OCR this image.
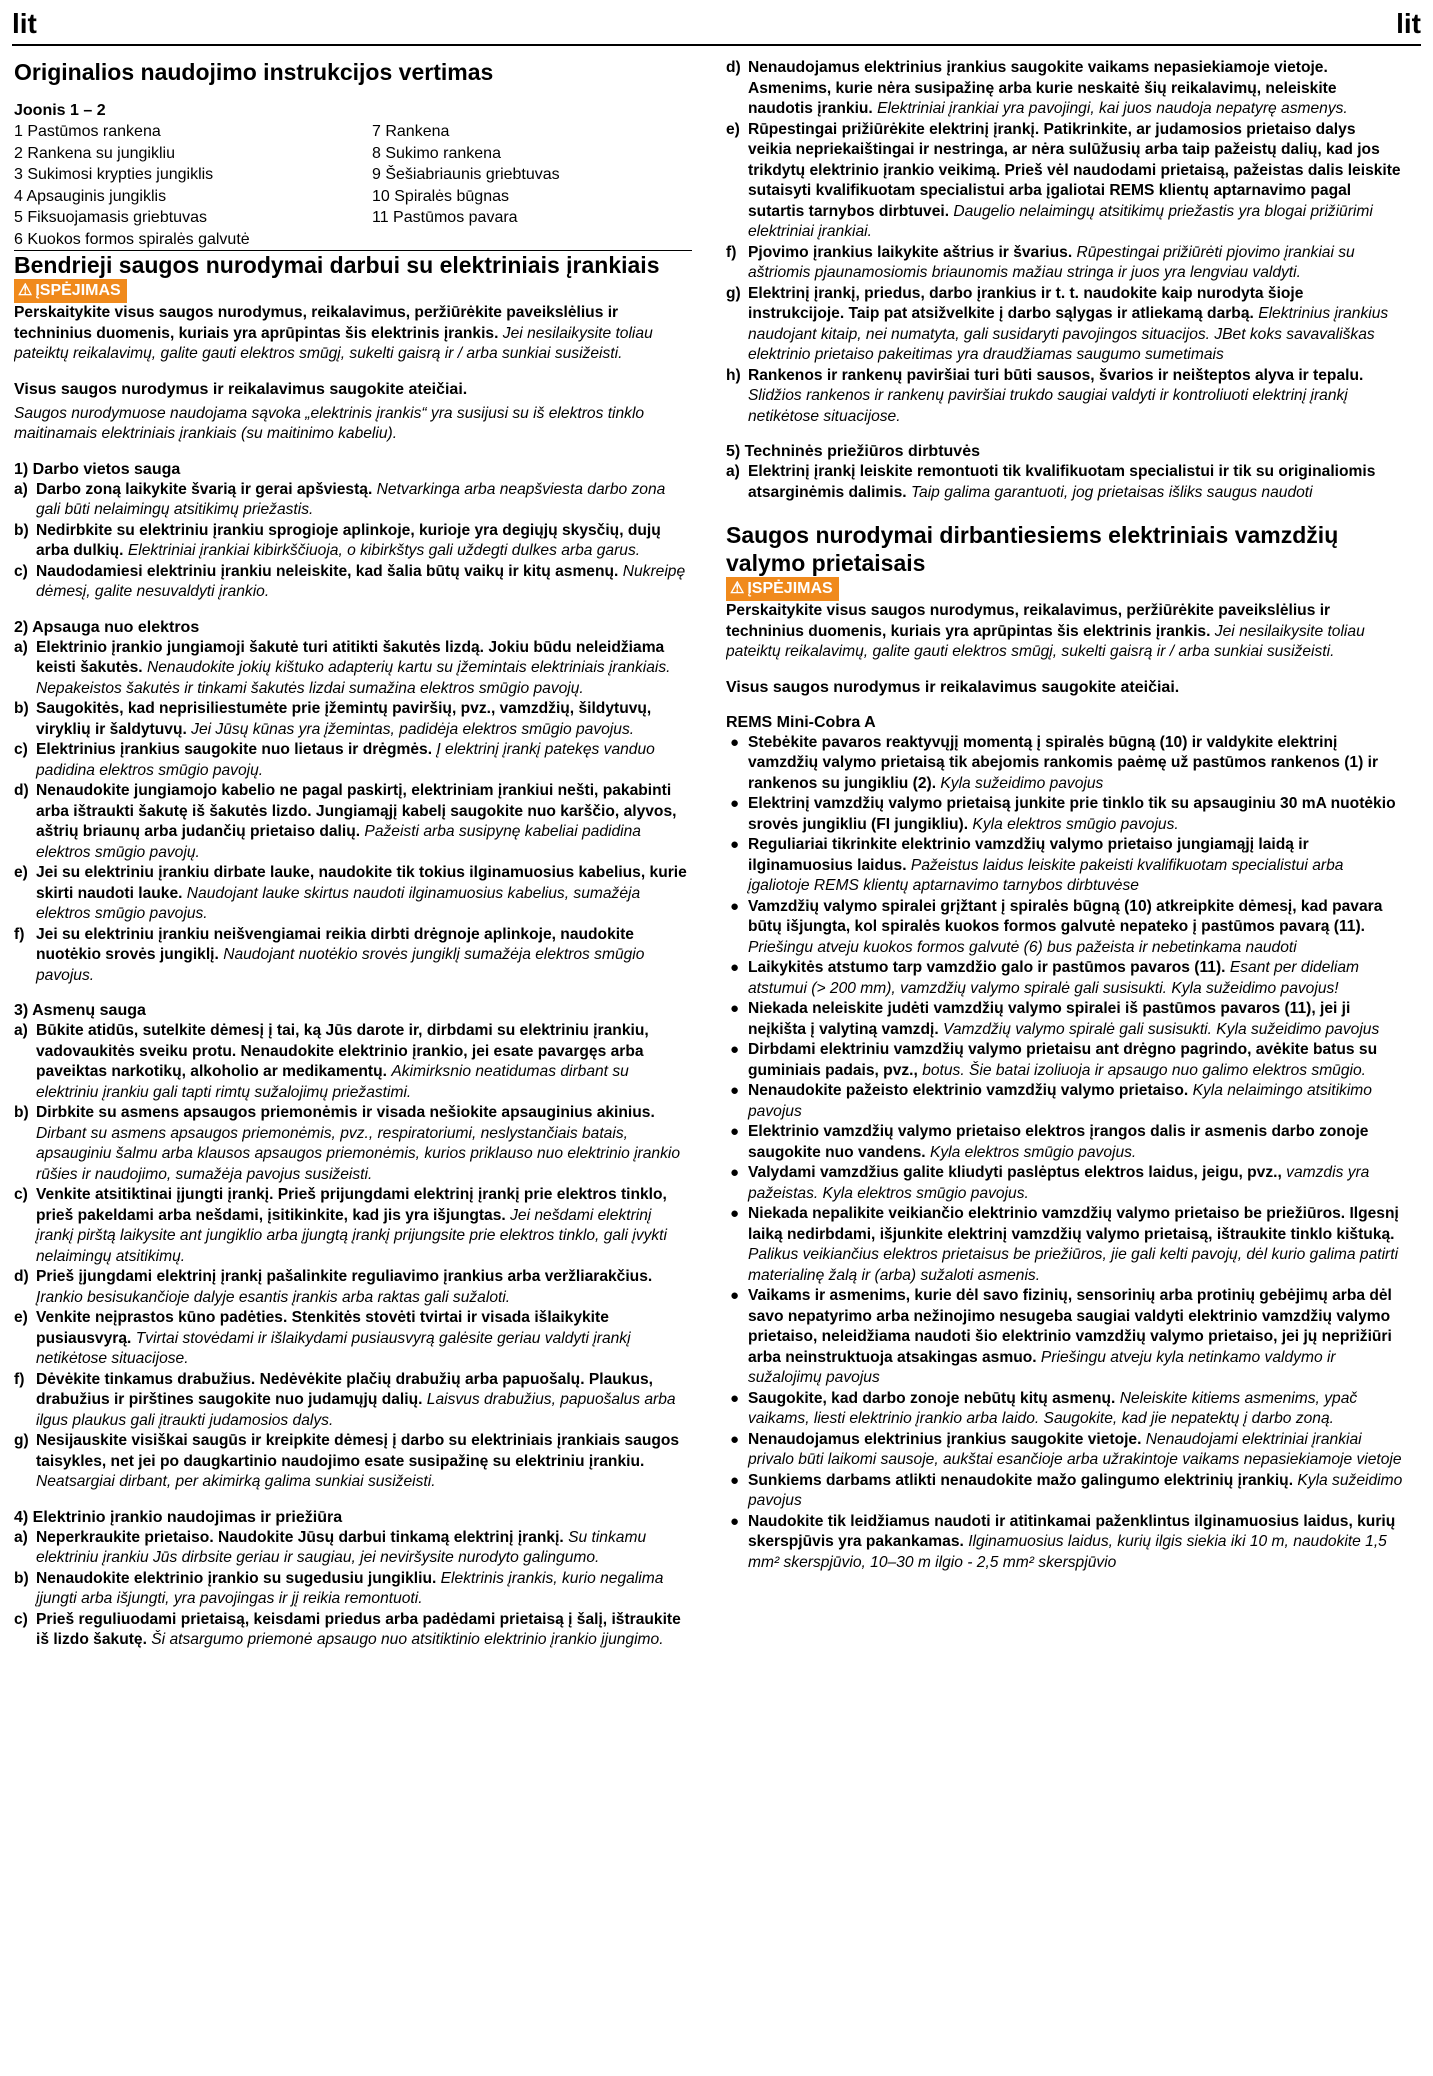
lit	lit

Originalios naudojimo instrukcijos vertimas

Joonis 1 – 2

1 Pastūmos rankena
2 Rankena su jungikliu
3 Sukimosi krypties jungiklis
4 Apsauginis jungiklis
5 Fiksuojamasis griebtuvas
6 Kuokos formos spiralės galvutė
7 Rankena
8 Sukimo rankena
9 Šešiabriaunis griebtuvas
10 Spiralės būgnas
11 Pastūmos pavara

Bendrieji saugos nurodymai darbui su elektriniais įrankiais

⚠ ĮSPĖJIMAS

Perskaitykite visus saugos nurodymus, reikalavimus, peržiūrėkite paveikslėlius ir techninius duomenis, kuriais yra aprūpintas šis elektrinis įrankis. Jei nesilaikysite toliau pateiktų reikalavimų, galite gauti elektros smūgį, sukelti gaisrą ir / arba sunkiai susižeisti.

Visus saugos nurodymus ir reikalavimus saugokite ateičiai.

Saugos nurodymuose naudojama sąvoka „elektrinis įrankis“ yra susijusi su iš elektros tinklo maitinamais elektriniais įrankiais (su maitinimo kabeliu).

1) Darbo vietos sauga

a) Darbo zoną laikykite švarią ir gerai apšviestą. Netvarkinga arba neapšviesta darbo zona gali būti nelaimingų atsitikimų priežastis.
b) Nedirbkite su elektriniu įrankiu sprogioje aplinkoje, kurioje yra degiųjų skysčių, dujų arba dulkių. Elektriniai įrankiai kibirkščiuoja, o kibirkštys gali uždegti dulkes arba garus.
c) Naudodamiesi elektriniu įrankiu neleiskite, kad šalia būtų vaikų ir kitų asmenų. Nukreipę dėmesį, galite nesuvaldyti įrankio.

2) Apsauga nuo elektros

a) Elektrinio įrankio jungiamoji šakutė turi atitikti šakutės lizdą. Jokiu būdu neleidžiama keisti šakutės. Nenaudokite jokių kištuko adapterių kartu su įžemintais elektriniais įrankiais. Nepakeistos šakutės ir tinkami šakutės lizdai sumažina elektros smūgio pavojų.
b) Saugokitės, kad neprisiliestumėte prie įžemintų paviršių, pvz., vamzdžių, šildytuvų, viryklių ir šaldytuvų. Jei Jūsų kūnas yra įžemintas, padidėja elektros smūgio pavojus.
c) Elektrinius įrankius saugokite nuo lietaus ir drėgmės. Į elektrinį įrankį patekęs vanduo padidina elektros smūgio pavojų.
d) Nenaudokite jungiamojo kabelio ne pagal paskirtį, elektriniam įrankiui nešti, pakabinti arba ištraukti šakutę iš šakutės lizdo. Jungiamąjį kabelį saugokite nuo karščio, alyvos, aštrių briaunų arba judančių prietaiso dalių. Pažeisti arba susipynę kabeliai padidina elektros smūgio pavojų.
e) Jei su elektriniu įrankiu dirbate lauke, naudokite tik tokius ilginamuosius kabelius, kurie skirti naudoti lauke. Naudojant lauke skirtus naudoti ilginamuosius kabelius, sumažėja elektros smūgio pavojus.
f) Jei su elektriniu įrankiu neišvengiamai reikia dirbti drėgnoje aplinkoje, naudokite nuotėkio srovės jungiklį. Naudojant nuotėkio srovės jungiklį sumažėja elektros smūgio pavojus.

3) Asmenų sauga

a) Būkite atidūs, sutelkite dėmesį į tai, ką Jūs darote ir, dirbdami su elektriniu įrankiu, vadovaukitės sveiku protu. Nenaudokite elektrinio įrankio, jei esate pavargęs arba paveiktas narkotikų, alkoholio ar medikamentų. Akimirksnio neatidumas dirbant su elektriniu įrankiu gali tapti rimtų sužalojimų priežastimi.
b) Dirbkite su asmens apsaugos priemonėmis ir visada nešiokite apsauginius akinius. Dirbant su asmens apsaugos priemonėmis, pvz., respiratoriumi, neslystančiais batais, apsauginiu šalmu arba klausos apsaugos priemonėmis, kurios priklauso nuo elektrinio įrankio rūšies ir naudojimo, sumažėja pavojus susižeisti.
c) Venkite atsitiktinai įjungti įrankį. Prieš prijungdami elektrinį įrankį prie elektros tinklo, prieš pakeldami arba nešdami, įsitikinkite, kad jis yra išjungtas. Jei nešdami elektrinį įrankį pirštą laikysite ant jungiklio arba įjungtą įrankį prijungsite prie elektros tinklo, gali įvykti nelaimingų atsitikimų.
d) Prieš įjungdami elektrinį įrankį pašalinkite reguliavimo įrankius arba veržliarakčius. Įrankio besisukančioje dalyje esantis įrankis arba raktas gali sužaloti.
e) Venkite neįprastos kūno padėties. Stenkitės stovėti tvirtai ir visada išlaikykite pusiausvyrą. Tvirtai stovėdami ir išlaikydami pusiausvyrą galėsite geriau valdyti įrankį netikėtose situacijose.
f) Dėvėkite tinkamus drabužius. Nedėvėkite plačių drabužių arba papuošalų. Plaukus, drabužius ir pirštines saugokite nuo judamųjų dalių. Laisvus drabužius, papuošalus arba ilgus plaukus gali įtraukti judamosios dalys.
g) Nesijauskite visiškai saugūs ir kreipkite dėmesį į darbo su elektriniais įrankiais saugos taisykles, net jei po daugkartinio naudojimo esate susipažinę su elektriniu įrankiu. Neatsargiai dirbant, per akimirką galima sunkiai susižeisti.

4) Elektrinio įrankio naudojimas ir priežiūra

a) Neperkraukite prietaiso. Naudokite Jūsų darbui tinkamą elektrinį įrankį. Su tinkamu elektriniu įrankiu Jūs dirbsite geriau ir saugiau, jei neviršysite nurodyto galingumo.
b) Nenaudokite elektrinio įrankio su sugedusiu jungikliu. Elektrinis įrankis, kurio negalima įjungti arba išjungti, yra pavojingas ir jį reikia remontuoti.
c) Prieš reguliuodami prietaisą, keisdami priedus arba padėdami prietaisą į šalį, ištraukite iš lizdo šakutę. Ši atsargumo priemonė apsaugo nuo atsitiktinio elektrinio įrankio įjungimo.
d) Nenaudojamus elektrinius įrankius saugokite vaikams nepasiekiamoje vietoje. Asmenims, kurie nėra susipažinę arba kurie neskaitė šių reikalavimų, neleiskite naudotis įrankiu. Elektriniai įrankiai yra pavojingi, kai juos naudoja nepatyrę asmenys.
e) Rūpestingai prižiūrėkite elektrinį įrankį. Patikrinkite, ar judamosios prietaiso dalys veikia nepriekaištingai ir nestringa, ar nėra sulūžusių arba taip pažeistų dalių, kad jos trikdytų elektrinio įrankio veikimą. Prieš vėl naudodami prietaisą, pažeistas dalis leiskite sutaisyti kvalifikuotam specialistui arba įgaliotai REMS klientų aptarnavimo pagal sutartis tarnybos dirbtuvei. Daugelio nelaimingų atsitikimų priežastis yra blogai prižiūrimi elektriniai įrankiai.
f) Pjovimo įrankius laikykite aštrius ir švarius. Rūpestingai prižiūrėti pjovimo įrankiai su aštriomis pjaunamosiomis briaunomis mažiau stringa ir juos yra lengviau valdyti.
g) Elektrinį įrankį, priedus, darbo įrankius ir t. t. naudokite kaip nurodyta šioje instrukcijoje. Taip pat atsižvelkite į darbo sąlygas ir atliekamą darbą. Elektrinius įrankius naudojant kitaip, nei numatyta, gali susidaryti pavojingos situacijos. JBet koks savavališkas elektrinio prietaiso pakeitimas yra draudžiamas saugumo sumetimais
h) Rankenos ir rankenų paviršiai turi būti sausos, švarios ir neišteptos alyva ir tepalu. Slidžios rankenos ir rankenų paviršiai trukdo saugiai valdyti ir kontroliuoti elektrinį įrankį netikėtose situacijose.

5) Techninės priežiūros dirbtuvės

a) Elektrinį įrankį leiskite remontuoti tik kvalifikuotam specialistui ir tik su originaliomis atsarginėmis dalimis. Taip galima garantuoti, jog prietaisas išliks saugus naudoti

Saugos nurodymai dirbantiesiems elektriniais vamzdžių valymo prietaisais

⚠ ĮSPĖJIMAS

Perskaitykite visus saugos nurodymus, reikalavimus, peržiūrėkite paveikslėlius ir techninius duomenis, kuriais yra aprūpintas šis elektrinis įrankis. Jei nesilaikysite toliau pateiktų reikalavimų, galite gauti elektros smūgį, sukelti gaisrą ir / arba sunkiai susižeisti.

Visus saugos nurodymus ir reikalavimus saugokite ateičiai.

REMS Mini-Cobra A

● Stebėkite pavaros reaktyvųjį momentą į spiralės būgną (10) ir valdykite elektrinį vamzdžių valymo prietaisą tik abejomis rankomis paėmę už pastūmos rankenos (1) ir rankenos su jungikliu (2). Kyla sužeidimo pavojus
● Elektrinį vamzdžių valymo prietaisą junkite prie tinklo tik su apsauginiu 30 mA nuotėkio srovės jungikliu (FI jungikliu). Kyla elektros smūgio pavojus.
● Reguliariai tikrinkite elektrinio vamzdžių valymo prietaiso jungiamąjį laidą ir ilginamuosius laidus. Pažeistus laidus leiskite pakeisti kvalifikuotam specialistui arba įgaliotoje REMS klientų aptarnavimo tarnybos dirbtuvėse
● Vamzdžių valymo spiralei grįžtant į spiralės būgną (10) atkreipkite dėmesį, kad pavara būtų išjungta, kol spiralės kuokos formos galvutė nepateko į pastūmos pavarą (11). Priešingu atveju kuokos formos galvutė (6) bus pažeista ir nebetinkama naudoti
● Laikykitės atstumo tarp vamzdžio galo ir pastūmos pavaros (11). Esant per dideliam atstumui (> 200 mm), vamzdžių valymo spiralė gali susisukti. Kyla sužeidimo pavojus!
● Niekada neleiskite judėti vamzdžių valymo spiralei iš pastūmos pavaros (11), jei ji neįkišta į valytiną vamzdį. Vamzdžių valymo spiralė gali susisukti. Kyla sužeidimo pavojus
● Dirbdami elektriniu vamzdžių valymo prietaisu ant drėgno pagrindo, avėkite batus su guminiais padais, pvz., botus. Šie batai izoliuoja ir apsaugo nuo galimo elektros smūgio.
● Nenaudokite pažeisto elektrinio vamzdžių valymo prietaiso. Kyla nelaimingo atsitikimo pavojus
● Elektrinio vamzdžių valymo prietaiso elektros įrangos dalis ir asmenis darbo zonoje saugokite nuo vandens. Kyla elektros smūgio pavojus.
● Valydami vamzdžius galite kliudyti paslėptus elektros laidus, jeigu, pvz., vamzdis yra pažeistas. Kyla elektros smūgio pavojus.
● Niekada nepalikite veikiančio elektrinio vamzdžių valymo prietaiso be priežiūros. Ilgesnį laiką nedirbdami, išjunkite elektrinį vamzdžių valymo prietaisą, ištraukite tinklo kištuką. Palikus veikiančius elektros prietaisus be priežiūros, jie gali kelti pavojų, dėl kurio galima patirti materialinę žalą ir (arba) sužaloti asmenis.
● Vaikams ir asmenims, kurie dėl savo fizinių, sensorinių arba protinių gebėjimų arba dėl savo nepatyrimo arba nežinojimo nesugeba saugiai valdyti elektrinio vamzdžių valymo prietaiso, neleidžiama naudoti šio elektrinio vamzdžių valymo prietaiso, jei jų neprižiūri arba neinstruktuoja atsakingas asmuo. Priešingu atveju kyla netinkamo valdymo ir sužalojimų pavojus
● Saugokite, kad darbo zonoje nebūtų kitų asmenų. Neleiskite kitiems asmenims, ypač vaikams, liesti elektrinio įrankio arba laido. Saugokite, kad jie nepatektų į darbo zoną.
● Nenaudojamus elektrinius įrankius saugokite vietoje. Nenaudojami elektriniai įrankiai privalo būti laikomi sausoje, aukštai esančioje arba užrakintoje vaikams nepasiekiamoje vietoje
● Sunkiems darbams atlikti nenaudokite mažo galingumo elektrinių įrankių. Kyla sužeidimo pavojus
● Naudokite tik leidžiamus naudoti ir atitinkamai paženklintus ilginamuosius laidus, kurių skerspjūvis yra pakankamas. Ilginamuosius laidus, kurių ilgis siekia iki 10 m, naudokite 1,5 mm² skerspjūvio, 10–30 m ilgio - 2,5 mm² skerspjūvio
